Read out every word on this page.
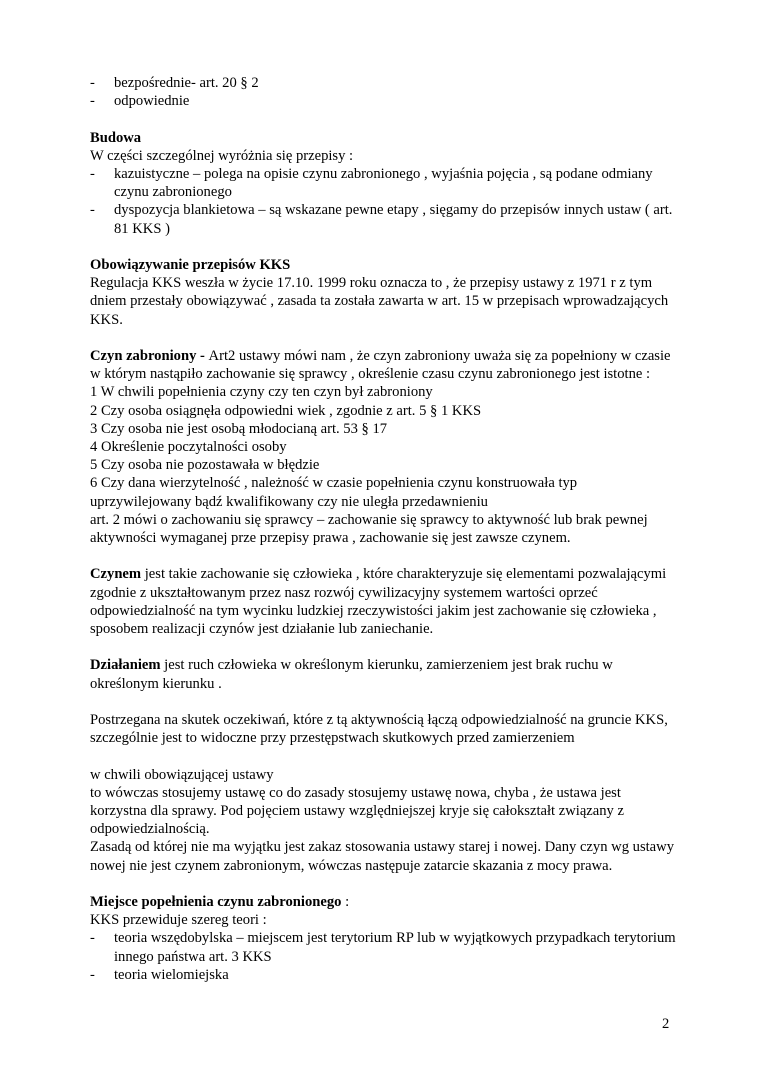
- bezpośrednie- art. 20 § 2
- odpowiednie

Budowa

W części szczególnej wyróżnia się przepisy :

- kazuistyczne – polega na opisie czynu zabronionego , wyjaśnia pojęcia , są podane odmiany czynu zabronionego
- dyspozycja blankietowa – są wskazane pewne etapy , sięgamy do przepisów innych ustaw ( art. 81 KKS )

Obowiązywanie przepisów KKS

Regulacja KKS weszła w życie 17.10. 1999 roku oznacza to , że przepisy ustawy z 1971 r z tym dniem przestały obowiązywać , zasada ta została zawarta w art. 15 w przepisach wprowadzających KKS.

Czyn zabroniony - Art2 ustawy mówi nam , że czyn zabroniony uważa się za popełniony w czasie w którym nastąpiło zachowanie się sprawcy , określenie czasu czynu zabronionego jest istotne :

1 W chwili popełnienia czyny czy ten czyn był zabroniony

2 Czy osoba osiągnęła odpowiedni wiek , zgodnie z art. 5 § 1 KKS

3 Czy osoba nie jest osobą młodocianą art. 53 § 17

4 Określenie poczytalności osoby

5 Czy osoba nie pozostawała w błędzie

6 Czy dana wierzytelność , należność w czasie popełnienia czynu konstruowała typ uprzywilejowany bądź kwalifikowany czy nie uległa przedawnieniu

art. 2 mówi o zachowaniu się sprawcy – zachowanie się sprawcy to aktywność lub brak pewnej aktywności wymaganej prze przepisy prawa , zachowanie się jest zawsze czynem.

Czynem jest takie zachowanie się człowieka , które charakteryzuje się elementami pozwalającymi zgodnie z ukształtowanym przez nasz rozwój cywilizacyjny systemem wartości oprzeć odpowiedzialność na tym wycinku ludzkiej rzeczywistości jakim jest zachowanie się człowieka , sposobem realizacji czynów jest działanie lub zaniechanie.

Działaniem jest ruch człowieka w określonym kierunku, zamierzeniem jest brak ruchu w określonym kierunku .

Postrzegana na skutek oczekiwań, które z tą aktywnością łączą odpowiedzialność na gruncie KKS, szczególnie jest to widoczne przy przestępstwach skutkowych przed zamierzeniem

w chwili obowiązującej ustawy

to wówczas stosujemy ustawę co do zasady stosujemy ustawę nowa, chyba , że ustawa jest korzystna dla sprawy. Pod pojęciem ustawy względniejszej kryje się całokształt związany z odpowiedzialnością.

Zasadą od której nie ma wyjątku jest zakaz stosowania ustawy starej i nowej. Dany czyn wg ustawy nowej nie jest czynem zabronionym, wówczas następuje zatarcie skazania z mocy prawa.

Miejsce popełnienia czynu zabronionego :

KKS przewiduje szereg teori :

- teoria wszędobylska – miejscem jest terytorium RP lub w wyjątkowych przypadkach terytorium innego państwa art. 3 KKS
- teoria wielomiejska
2
